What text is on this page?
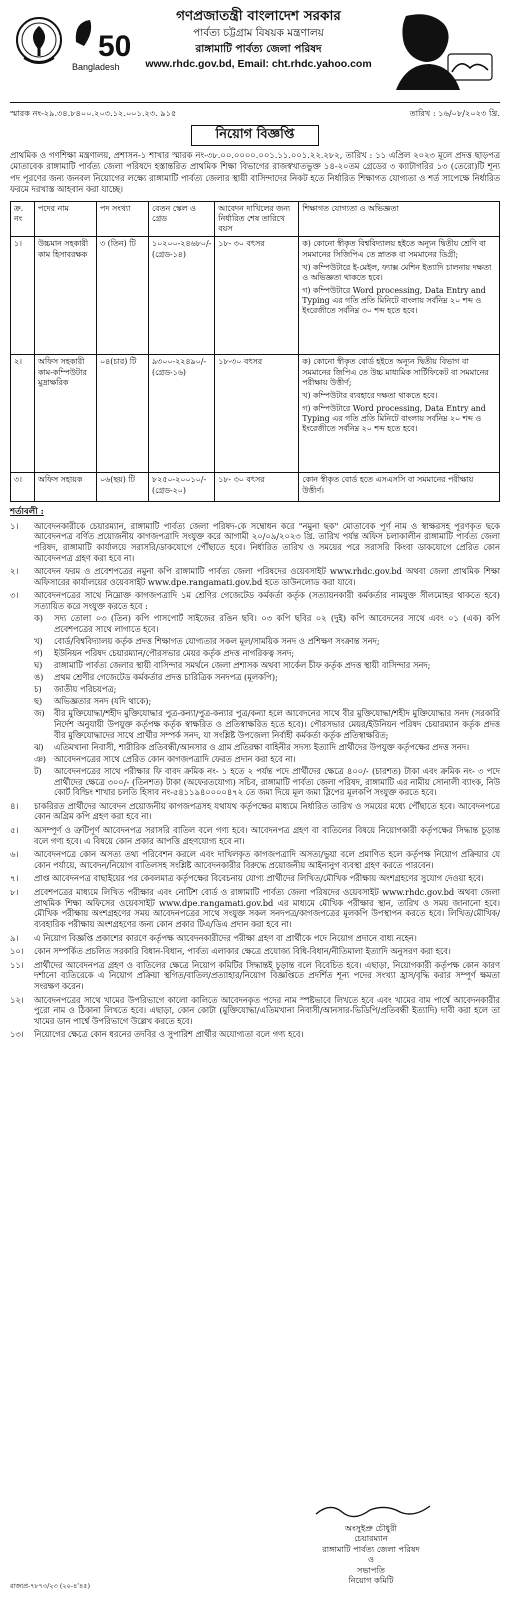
50
Bangladesh
গণপ্রজাতন্ত্রী বাংলাদেশ সরকার
পার্বত্য চট্টগ্রাম বিষয়ক মন্ত্রণালয়
রাঙ্গামাটি পার্বত্য জেলা পরিষদ
www.rhdc.gov.bd, Email: cht.rhdc.yahoo.com
স্মারক নং-২৯.৩৪.৮৪০০.২০৩.১২.০০১.২৩. ৯১৫	তারিখ : ১৬/০৮/২০২৩ খ্রি.
নিয়োগ বিজ্ঞপ্তি

প্রাথমিক ও গণশিক্ষা মন্ত্রণালয়, প্রশাসন-১ শাখার স্মারক নং-৩৮.০০.০০০০.০০১.১১.০০১.২২.২৮২, তারিখ : ১১ এপ্রিল ২০২৩ মূলে প্রদত্ত ছাড়পত্র মোতাবেক রাঙ্গামাটি পার্বত্য জেলা পরিষদে হস্তান্তরিত প্রাথমিক শিক্ষা বিভাগের রাজস্বখাতভুক্ত ১৪-২০তম গ্রেডের ৩ ক্যাটাগরির ১৩ (তেরো)টি শূন্য পদ পূরণের জন্য জনবল নিয়োগের লক্ষ্যে রাঙ্গামাটি পার্বত্য জেলার স্থায়ী বাসিন্দাদের নিকট হতে নির্ধারিত শিক্ষাগত যোগ্যতা ও শর্ত সাপেক্ষে নির্ধারিত ফরমে দরখাস্ত আহবান করা যাচ্ছে।

ক্র. নং	পদের নাম	পদ সংখ্যা	বেতন স্কেল ও গ্রেড	আবেদন দাখিলের জন্য নির্ধারিত শেষ তারিখে বয়স	শিক্ষাগত যোগ্যতা ও অভিজ্ঞতা
১।	উচ্চমান সহকারী কাম হিসাবরক্ষক	৩ (তিন) টি	১০২০০-২৪৬৮০/- (গ্রেড-১৪)	১৮- ৩০ বৎসর	ক) কোনো স্বীকৃত বিশ্ববিদ্যালয় হইতে অন্যূন দ্বিতীয় শ্রেণি বা সমমানের সিজিপিএ তে স্নাতক বা সমমানের ডিগ্রী;

খ) কম্পিউটারে ই-মেইল, ফ্যাক্স মেশিন ইত্যাদি চালনায় দক্ষতা ও অভিজ্ঞতা থাকতে হবে।

গ) কম্পিউটারে Word processing, Data Entry and Typing এর গতি প্রতি মিনিটে বাংলায় সর্বনিম্ন ২০ শব্দ ও ইংরেজীতে সর্বনিম্ন ৩০ শব্দ হতে হবে।

২।	অফিস সহকারী কাম-কম্পিউটার মুদ্রাক্ষরিক	০৪(চার) টি	৯৩০০-২২৪৯০/- (গ্রেড-১৬)	১৮-৩০ বৎসর	ক) কোনো স্বীকৃত বোর্ড হইতে অন্যূন দ্বিতীয় বিভাগ বা সমমানের জিপিএ তে উচ্চ মাধ্যমিক সার্টিফিকেট বা সমমানের পরীক্ষায় উত্তীর্ণ;

খ) কম্পিউটার ব্যবহারে দক্ষতা থাকতে হবে।

গ) কম্পিউটারে Word processing, Data Entry and Typing এর গতি প্রতি মিনিটে বাংলায় সর্বনিম্ন ২০ শব্দ ও ইংরেজীতে সর্বনিম্ন ২০ শব্দ হতে হবে।

৩।	অফিস সহায়ক	০৬(ছয়) টি	৮২৫০-২০০১০/- (গ্রেড-২০)	১৮- ৩০ বৎসর	কোন স্বীকৃত বোর্ড হতে এসএসসি বা সমমানের পরীক্ষায় উত্তীর্ণ।

শর্তাবলী :
১।	আবেদনকারীকে চেয়ারম্যান, রাঙ্গামাটি পার্বত্য জেলা পরিষদ-কে সম্বোধন করে "নমুনা ছক" মোতাবেক পূর্ণ নাম ও স্বাক্ষরসহ পূরণকৃত ছকে আবেদনপত্র বর্ণিত প্রয়োজনীয় কাগজপত্রাদি সংযুক্ত করে আগামী ২০/০৯/২০২৩ খ্রি. তারিখ পর্যন্ত অফিস চলাকালীন রাঙ্গামাটি পার্বত্য জেলা পরিষদ, রাঙ্গামাটি কার্যালয়ে সরাসরি/ডাকযোগে পৌঁছাতে হবে। নির্ধারিত তারিখ ও সময়ের পরে সরাসরি কিংবা ডাকযোগে প্রেরিত কোন আবেদনপত্র গ্রহণ করা হবে না।
২।	আবেদন ফরম ও প্রবেশপত্রের নমুনা কপি রাঙ্গামাটি পার্বত্য জেলা পরিষদের ওয়েবসাইট www.rhdc.gov.bd অথবা জেলা প্রাথমিক শিক্ষা অফিসারের কার্যালয়ের ওয়েবসাইট www.dpe.rangamati.gov.bd হতে ডাউনলোড করা যাবে।
৩।	আবেদনপত্রের সাথে নিম্নোক্ত কাগজপত্রাদি ১ম শ্রেণির গেজেটেড কর্মকর্তা কর্তৃক (সত্যায়নকারী কর্মকর্তার নামযুক্ত সীলমোহর থাকতে হবে) সত্যায়িত করে সংযুক্ত করতে হবে :
ক)	সদ্য তোলা ০৩ (তিন) কপি পাসপোর্ট সাইজের রঙিন ছবি। ০৩ কপি ছবির ০২ (দুই) কপি আবেদনের সাথে এবং ০১ (এক) কপি প্রবেশপত্রের সাথে লাগাতে হবে।
খ)	বোর্ড/বিশ্ববিদ্যালয় কর্তৃক প্রদত্ত শিক্ষাগত যোগ্যতার সকল মূল/সাময়িক সনদ ও প্রশিক্ষণ সংক্রান্ত সনদ;
গ)	ইউনিয়ন পরিষদ চেয়ারম্যান/পৌরসভার মেয়র কর্তৃক প্রদত্ত নাগরিকত্ব সনদ;
ঘ)	রাঙ্গামাটি পার্বত্য জেলার স্থায়ী বাসিন্দার সমর্থনে জেলা প্রশাসক অথবা সার্কেল চীফ কর্তৃক প্রদত্ত স্থায়ী বাসিন্দার সনদ;
ঙ)	প্রথম শ্রেণীর গেজেটেড কর্মকর্তার প্রদত্ত চারিত্রিক সনদপত্র (মূলকপি);
চ)	জাতীয় পরিচয়পত্র;
ছ)	অভিজ্ঞতার সনদ (যদি থাকে);
জ)	বীর মুক্তিযোদ্ধা/শহীদ মুক্তিযোদ্ধার পুত্র-কন্যা/পুত্র-কন্যার পুত্র/কন্যা হলে আবেদনের সাথে বীর মুক্তিযোদ্ধা/শহীদ মুক্তিযোদ্ধার সনদ (সরকারি নির্দেশ অনুযায়ী উপযুক্ত কর্তৃপক্ষ কর্তৃক স্বাক্ষরিত ও প্রতিস্বাক্ষরিত হতে হবে)। পৌরসভার মেয়র/ইউনিয়ন পরিষদ চেয়ারম্যান কর্তৃক প্রদত্ত বীর মুক্তিযোদ্ধাদের সাথে প্রার্থীর সম্পর্ক সনদ, যা সংশ্লিষ্ট উপজেলা নির্বাহী কর্মকর্তা কর্তৃক প্রতিস্বাক্ষরিত;
ঝ)	এতিমখানা নিবাসী, শারীরিক প্রতিবন্ধী/আনসার ও গ্রাম প্রতিরক্ষা বাহিনীর সদস্য ইত্যাদি প্রার্থীদের উপযুক্ত কর্তৃপক্ষের প্রদত্ত সনদ।
ঞ) আবেদনপত্রের সাথে প্রেরিত কোন কাগজপত্রাদি ফেরত প্রদান করা হবে না।
ট)	আবেদনপত্রের সাথে পরীক্ষার ফি বাবদ ক্রমিক নং- ১ হতে ২ পর্যন্ত পদে প্রার্থীদের ক্ষেত্রে ৪০০/- (চারশত) টাকা এবং ক্রমিক নং- ৩ পদে প্রার্থীদের ক্ষেত্রে ৩০০/- (তিনশত) টাকা (অফেরতযোগ্য) সচিব, রাঙ্গামাটি পার্বত্য জেলা পরিষদ, রাঙ্গামাটি এর নামীয় সোনালী ব্যাংক, নিউ কোর্ট বিল্ডিং শাখার চলতি হিসাব নং-৫৪১১৯৪০০০০৪৭২ তে জমা দিয়ে মূল জমা স্লিপের মূলকপি সংযুক্ত করতে হবে।
৪।	চাকরিরত প্রার্থীদের আবেদন প্রয়োজনীয় কাগজপত্রসহ যথাযথ কর্তৃপক্ষের মাধ্যমে নির্ধারিত তারিখ ও সময়ের মধ্যে পৌঁছাতে হবে। আবেদনপত্রে কোন অগ্রিম কপি গ্রহণ করা হবে না।
৫।	অসম্পূর্ণ ও ত্রুটিপূর্ণ আবেদনপত্র সরাসরি বাতিল বলে গণ্য হবে। আবেদনপত্র গ্রহণ বা বাতিলের বিষয়ে নিয়োগকারী কর্তৃপক্ষের সিদ্ধান্ত চূড়ান্ত বলে গণ্য হবে। এ বিষয়ে কোন প্রকার আপত্তি গ্রহণযোগ্য হবে না।
৬।	আবেদনপত্রে কোন অসত্য তথ্য পরিবেশন করলে এবং দাখিলকৃত কাগজপত্রাদি অসত্য/ভুয়া বলে প্রমাণিত হলে কর্তৃপক্ষ নিয়োগ প্রক্রিয়ার যে কোন পর্যায়ে, আবেদন/নিয়োগ বাতিলসহ সংশ্লিষ্ট আবেদনকারীর বিরুদ্ধে প্রয়োজনীয় আইনানুগ ব্যবস্থা গ্রহণ করতে পারবেন।
৭।	প্রাপ্ত আবেদনপত্র বাছাইয়ের পর কেবলমাত্র কর্তৃপক্ষের বিবেচনায় যোগ্য প্রার্থীদের লিখিত/মৌখিক পরীক্ষায় অংশগ্রহণের সুযোগ দেওয়া হবে।
৮।	প্রবেশপত্রের মাধ্যমে লিখিত পরীক্ষার এবং নোটিশ বোর্ড ও রাঙ্গামাটি পার্বত্য জেলা পরিষদের ওয়েবসাইট www.rhdc.gov.bd অথবা জেলা প্রাথমিক শিক্ষা অফিসের ওয়েবসাইট www.dpe.rangamati.gov.bd এর মাধ্যমে মৌখিক পরীক্ষার স্থান, তারিখ ও সময় জানানো হবে। মৌখিক পরীক্ষায় অংশগ্রহণের সময় আবেদনপত্রের সাথে সংযুক্ত সকল সনদপত্র/কাগজপত্রের মূলকপি উপস্থাপন করতে হবে। লিখিত/মৌখিক/ব্যবহারিক পরীক্ষায় অংশগ্রহণের জন্য কোন প্রকার টিএ/ডিএ প্রদান করা হবে না।
৯।	এ নিয়োগ বিজ্ঞপ্তি প্রকাশের কারণে কর্তৃপক্ষ আবেদনকারীদের পরীক্ষা গ্রহণ বা প্রার্থীকে পদে নিয়োগ প্রদানে বাধ্য নহেন।
১০।	কোন সম্পর্কিত প্রচলিত সরকারি বিধান-বিধান, পার্বত্য এলাকার ক্ষেত্রে প্রযোজ্য বিধি-বিধান/নীতিমালা ইত্যাদি অনুসরণ করা হবে।
১১।	প্রার্থীদের আবেদনপত্র গ্রহণ ও বাতিলের ক্ষেত্রে নিয়োগ কমিটির সিদ্ধান্তই চূড়ান্ত বলে বিবেচিত হবে। এছাড়া, নিয়োগকারী কর্তৃপক্ষ কোন কারণ দর্শানো ব্যতিরেকে এ নিয়োগ প্রক্রিয়া স্থগিত/বাতিল/প্রত্যাহার/নিয়োগ বিজ্ঞপ্তিতে প্রদর্শিত শূন্য পদের সংখ্যা হ্রাস/বৃদ্ধি করার সম্পূর্ণ ক্ষমতা সংরক্ষণ করেন।
১২।	আবেদনপত্রের সাথে খামের উপরিভাগে কালো কালিতে আবেদনকৃত পদের নাম স্পষ্টভাবে লিখতে হবে এবং খামের বাম পার্শ্বে আবেদনকারীর পুরো নাম ও ঠিকানা লিখতে হবে। এছাড়া, কোন কোটা (মুক্তিযোদ্ধা/এতিমখানা নিবাসী/আনসার-ভিডিপি/প্রতিবন্ধী ইত্যাদি) দাবী করা হলে তা খামের ডান পার্শ্বে উপরিভাগে উল্লেখ করতে হবে।
১৩।	নিয়োগের ক্ষেত্রে কোন ধরনের তদবির ও সুপারিশ প্রার্থীর অযোগ্যতা বলে গণ্য হবে।
অংসুইপ্রু চৌধুরী
চেয়ারম্যান
রাঙ্গামাটি পার্বত্য জেলা পরিষদ
ও
সভাপতি
নিয়োগ কমিটি
রাজাপ্র-৭৮৭৩/২৩ (২০-৪'৪৫)
